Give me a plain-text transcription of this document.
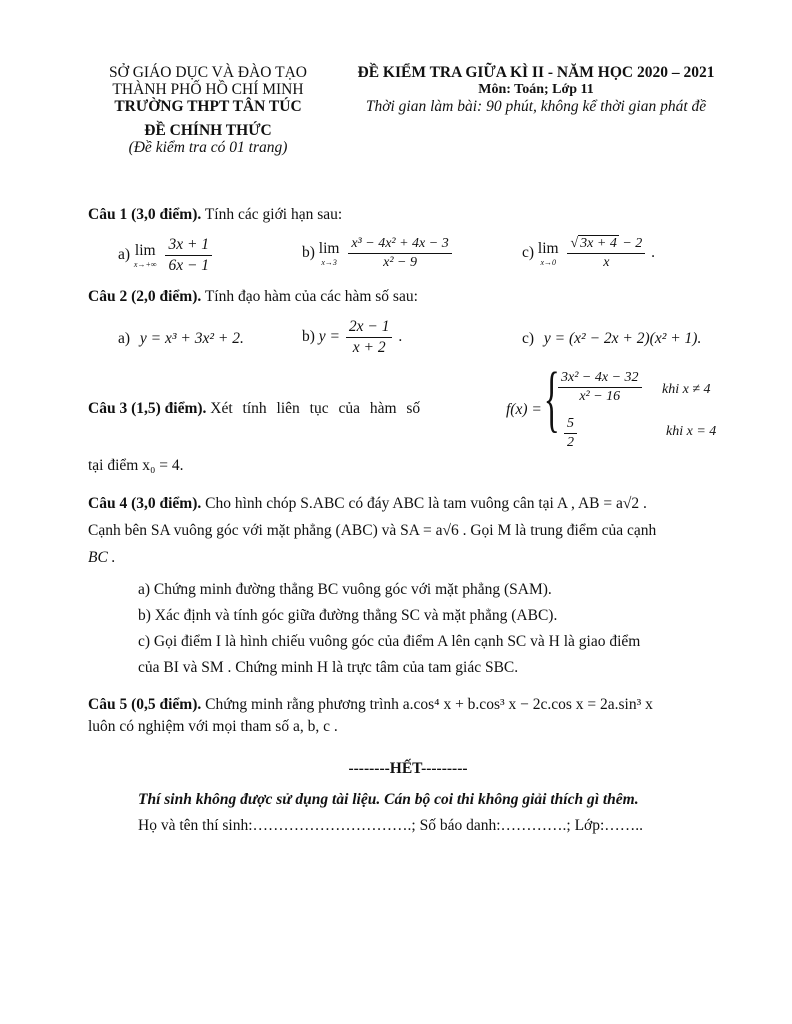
SỞ GIÁO DỤC VÀ ĐÀO TẠO
THÀNH PHỐ HỒ CHÍ MINH
TRƯỜNG THPT TÂN TÚC
ĐỀ CHÍNH THỨC
(Đề kiểm tra có 01 trang)
ĐỀ KIỂM TRA GIỮA KÌ II - NĂM HỌC 2020 – 2021
Môn: Toán; Lớp 11
Thời gian làm bài: 90 phút, không kể thời gian phát đề
Câu 1 (3,0 điểm). Tính các giới hạn sau:
a) lim
x→+∞
$\frac{3x + 1}{6x - 1}$	b) lim
x→3
$\frac{\text{x³ − 4x² + 4x − 3}}{\text{x² − 9}}$	c) lim
x→0
$\frac{√ 3x + 4 - 2}{x}$ .
Câu 2 (2,0 điểm). Tính đạo hàm của các hàm số sau:
a) y = x³ + 3x² + 2.	b) $y = \frac{2x - 1}{x + 2}$ .	c) y = (x² − 2x + 2)(x² + 1).
Câu 3 (1,5) điểm). Xét tính liên tục của hàm số	f(x) = {
$\frac{\text{3x² − 4x − 32}}{\text{x² − 16}}$ khi x ≠ 4
$\frac{5}{2}$	khi x = 4
tại điểm x₀ = 4.
Câu 4 (3,0 điểm). Cho hình chóp S.ABC có đáy ABC là tam vuông cân tại A , AB = a√2 .
Cạnh bên SA vuông góc với mặt phẳng (ABC) và SA = a√6 . Gọi M là trung điểm của cạnh
BC .
a) Chứng minh đường thẳng BC vuông góc với mặt phẳng (SAM).
b) Xác định và tính góc giữa đường thẳng SC và mặt phẳng (ABC).
c) Gọi điểm I là hình chiếu vuông góc của điểm A lên cạnh SC và H là giao điểm
của BI và SM . Chứng minh H là trực tâm của tam giác SBC.
Câu 5 (0,5 điểm). Chứng minh rằng phương trình a.cos⁴ x + b.cos³ x − 2c.cos x = 2a.sin³ x
luôn có nghiệm với mọi tham số a, b, c .
--------HẾT---------
Thí sinh không được sử dụng tài liệu. Cán bộ coi thi không giải thích gì thêm.
Họ và tên thí sinh:………………………….; Số báo danh:………….; Lớp:……..
